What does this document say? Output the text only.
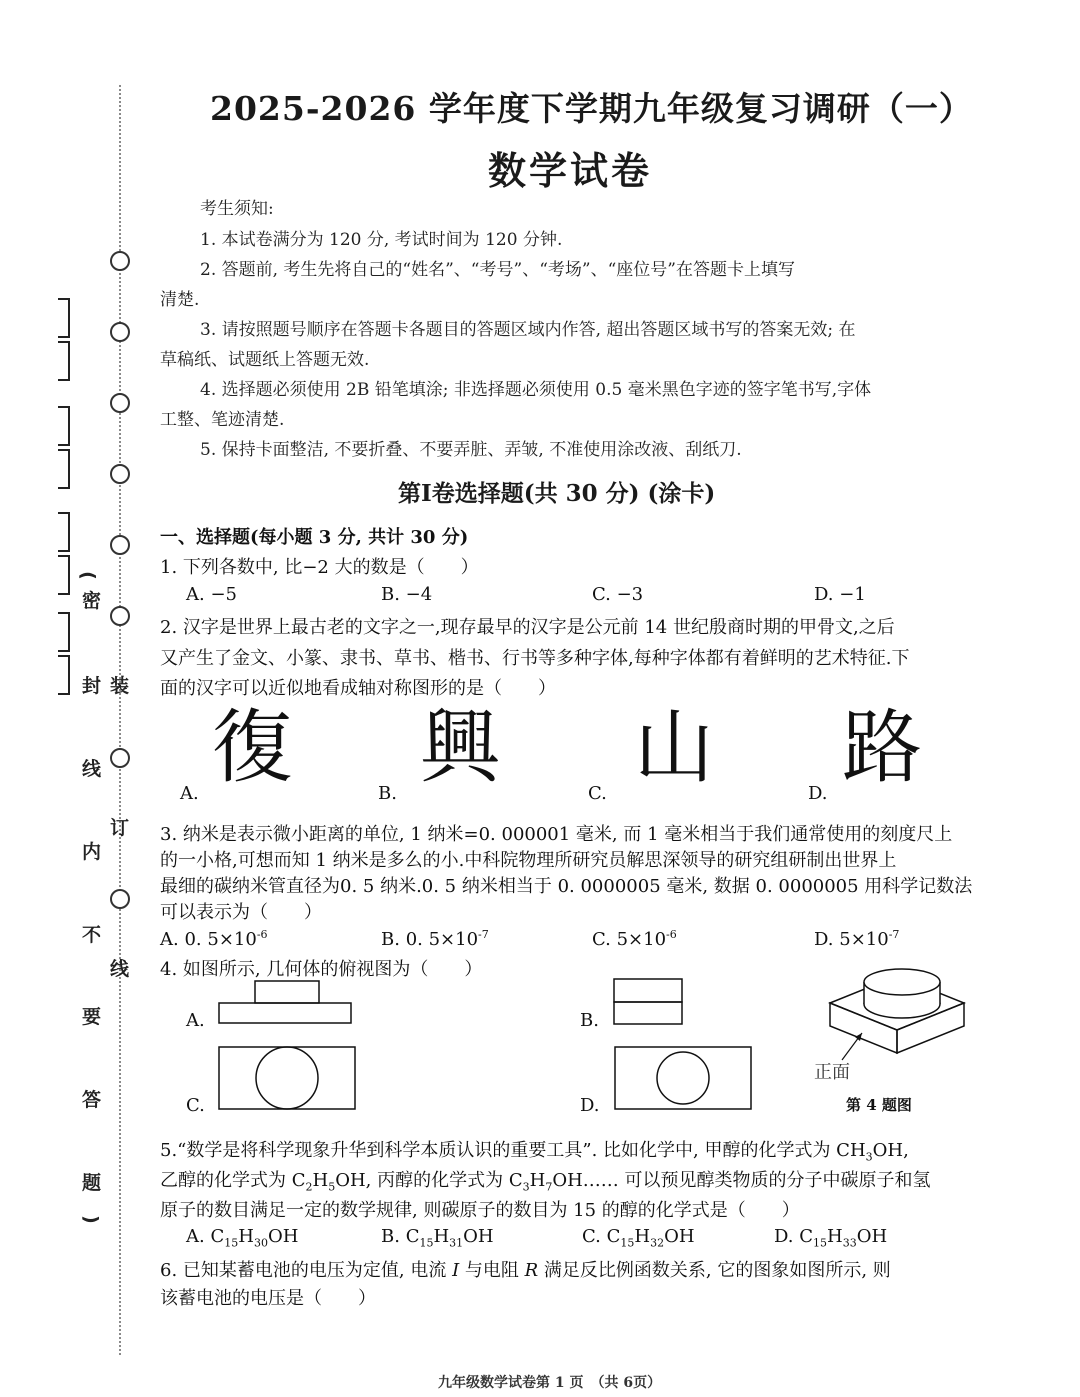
(
密
封
线
内
不
要
答
题
)
装
订
线
2025-2026 学年度下学期九年级复习调研（一）
数学试卷
考生须知:
1. 本试卷满分为 120 分, 考试时间为 120 分钟.
2. 答题前, 考生先将自己的“姓名”、“考号”、“考场”、“座位号”在答题卡上填写
清楚.
3. 请按照题号顺序在答题卡各题目的答题区域内作答, 超出答题区域书写的答案无效; 在
草稿纸、试题纸上答题无效.
4. 选择题必须使用 2B 铅笔填涂; 非选择题必须使用 0.5 毫米黑色字迹的签字笔书写,字体
工整、笔迹清楚.
5. 保持卡面整洁, 不要折叠、不要弄脏、弄皱, 不准使用涂改液、刮纸刀.
第Ⅰ卷选择题(共 30 分) (涂卡)
一、选择题(每小题 3 分, 共计 30 分)
1. 下列各数中, 比−2 大的数是（　　）
A. −5	B. −4	C. −3	D. −1
2. 汉字是世界上最古老的文字之一,现存最早的汉字是公元前 14 世纪殷商时期的甲骨文,之后
又产生了金文、小篆、隶书、草书、楷书、行书等多种字体,每种字体都有着鲜明的艺术特征.下
面的汉字可以近似地看成轴对称图形的是（　　）
A. 復	B. 興	C. 山	D. 路
3. 纳米是表示微小距离的单位, 1 纳米=0. 000001 毫米, 而 1 毫米相当于我们通常使用的刻度尺上
的一小格,可想而知 1 纳米是多么的小.中科院物理所研究员解思深领导的研究组研制出世界上
最细的碳纳米管直径为0. 5 纳米.0. 5 纳米相当于 0. 0000005 毫米, 数据 0. 0000005 用科学记数法
可以表示为（　　）
A. 0. $5\times 10^{-6}$	B. 0. $5\times 10^{-7}$	C. $5\times 10^{-6}$	D. $5\times 10^{-7}$
4. 如图所示, 几何体的俯视图为（　　）
A.	B.
C.	D.
正面
第 4 题图
5.“数学是将科学现象升华到科学本质认识的重要工具”. 比如化学中, 甲醇的化学式为 $CH_3OH$,
乙醇的化学式为 $C_2H_5OH$, 丙醇的化学式为 $C_3H_7OH\dots\dots$ 可以预见醇类物质的分子中碳原子和氢
原子的数目满足一定的数学规律, 则碳原子的数目为 15 的醇的化学式是（　　）
A. $C_{15}H_{30}OH$	B. $C_{15}H_{31}OH$	C. $C_{15}H_{32}OH$	D. $C_{15}H_{33}OH$
6. 已知某蓄电池的电压为定值, 电流 I 与电阻 R 满足反比例函数关系, 它的图象如图所示, 则
该蓄电池的电压是（　　）
九年级数学试卷第 1 页　（共 6页）
